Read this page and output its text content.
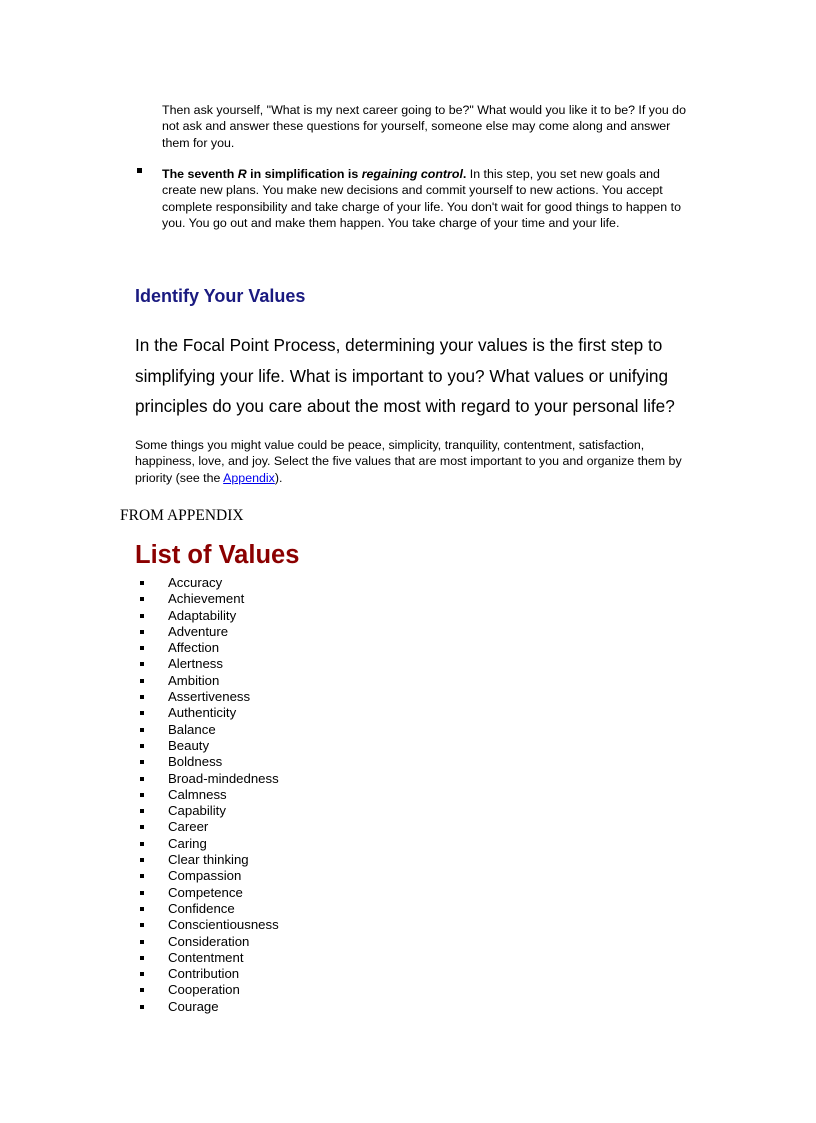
Then ask yourself, "What is my next career going to be?" What would you like it to be? If you do not ask and answer these questions for yourself, someone else may come along and answer them for you.

The seventh R in simplification is regaining control. In this step, you set new goals and create new plans. You make new decisions and commit yourself to new actions. You accept complete responsibility and take charge of your life. You don't wait for good things to happen to you. You go out and make them happen. You take charge of your time and your life.

Identify Your Values

In the Focal Point Process, determining your values is the first step to simplifying your life. What is important to you? What values or unifying principles do you care about the most with regard to your personal life?

Some things you might value could be peace, simplicity, tranquility, contentment, satisfaction, happiness, love, and joy. Select the five values that are most important to you and organize them by priority (see the Appendix).

FROM APPENDIX

List of Values
Accuracy
Achievement
Adaptability
Adventure
Affection
Alertness
Ambition
Assertiveness
Authenticity
Balance
Beauty
Boldness
Broad-mindedness
Calmness
Capability
Career
Caring
Clear thinking
Compassion
Competence
Confidence
Conscientiousness
Consideration
Contentment
Contribution
Cooperation
Courage
